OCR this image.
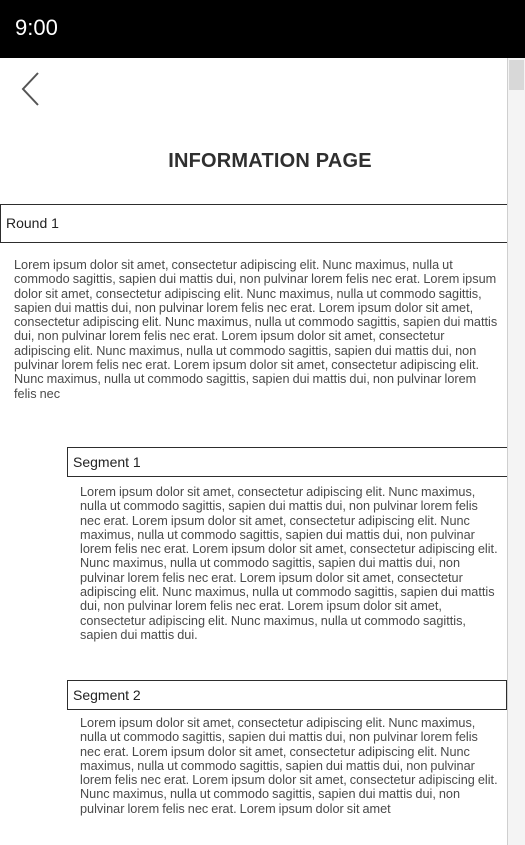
9:00
INFORMATION PAGE
Round 1
Lorem ipsum dolor sit amet, consectetur adipiscing elit. Nunc maximus, nulla ut commodo sagittis, sapien dui mattis dui, non pulvinar lorem felis nec erat. Lorem ipsum dolor sit amet, consectetur adipiscing elit. Nunc maximus, nulla ut commodo sagittis, sapien dui mattis dui, non pulvinar lorem felis nec erat. Lorem ipsum dolor sit amet, consectetur adipiscing elit. Nunc maximus, nulla ut commodo sagittis, sapien dui mattis dui, non pulvinar lorem felis nec erat. Lorem ipsum dolor sit amet, consectetur adipiscing elit. Nunc maximus, nulla ut commodo sagittis, sapien dui mattis dui, non pulvinar lorem felis nec erat. Lorem ipsum dolor sit amet, consectetur adipiscing elit. Nunc maximus, nulla ut commodo sagittis, sapien dui mattis dui, non pulvinar lorem felis nec
Segment 1
Lorem ipsum dolor sit amet, consectetur adipiscing elit. Nunc maximus, nulla ut commodo sagittis, sapien dui mattis dui, non pulvinar lorem felis nec erat. Lorem ipsum dolor sit amet, consectetur adipiscing elit. Nunc maximus, nulla ut commodo sagittis, sapien dui mattis dui, non pulvinar lorem felis nec erat. Lorem ipsum dolor sit amet, consectetur adipiscing elit. Nunc maximus, nulla ut commodo sagittis, sapien dui mattis dui, non pulvinar lorem felis nec erat. Lorem ipsum dolor sit amet, consectetur adipiscing elit. Nunc maximus, nulla ut commodo sagittis, sapien dui mattis dui, non pulvinar lorem felis nec erat. Lorem ipsum dolor sit amet, consectetur adipiscing elit. Nunc maximus, nulla ut commodo sagittis, sapien dui mattis dui.
Segment 2
Lorem ipsum dolor sit amet, consectetur adipiscing elit. Nunc maximus, nulla ut commodo sagittis, sapien dui mattis dui, non pulvinar lorem felis nec erat. Lorem ipsum dolor sit amet, consectetur adipiscing elit. Nunc maximus, nulla ut commodo sagittis, sapien dui mattis dui, non pulvinar lorem felis nec erat. Lorem ipsum dolor sit amet, consectetur adipiscing elit. Nunc maximus, nulla ut commodo sagittis, sapien dui mattis dui, non pulvinar lorem felis nec erat. Lorem ipsum dolor sit amet
